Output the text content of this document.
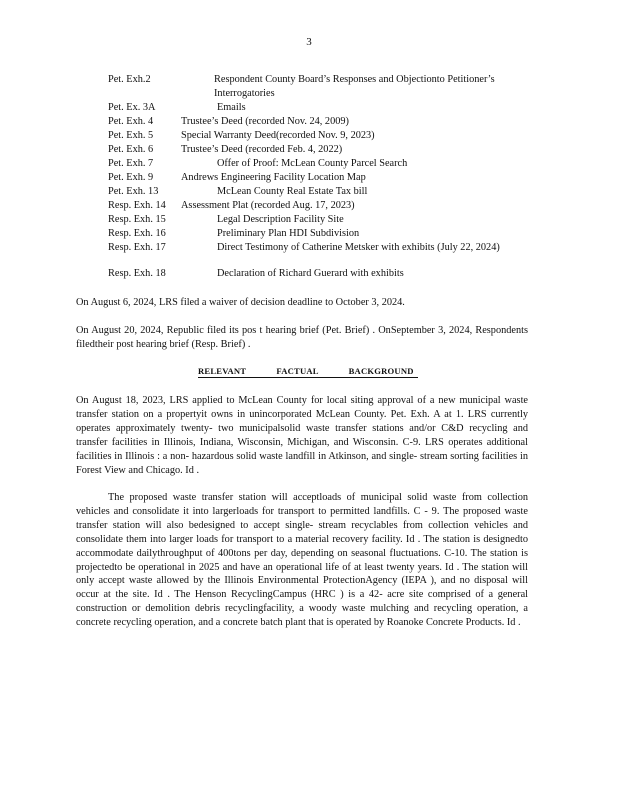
3
Pet. Exh.2	Respondent County Board’s Responses and Objectionto Petitioner’s Interrogatories
Pet. Ex. 3A	Emails
Pet. Exh. 4	Trustee’s Deed (recorded Nov. 24, 2009)
Pet. Exh. 5	Special Warranty Deed(recorded Nov. 9, 2023)
Pet. Exh. 6	Trustee’s Deed (recorded Feb. 4, 2022)
Pet. Exh. 7	Offer of Proof: McLean County Parcel Search
Pet. Exh. 9	Andrews Engineering Facility Location Map
Pet. Exh. 13	McLean County Real Estate Tax bill
Resp. Exh. 14 Assessment Plat (recorded Aug. 17, 2023)
Resp. Exh. 15	Legal Description Facility Site
Resp. Exh. 16	Preliminary Plan HDI Subdivision
Resp. Exh. 17	Direct Testimony of Catherine Metsker with exhibits (July 22, 2024)
Resp. Exh. 18	Declaration of Richard Guerard with exhibits
On August 6, 2024, LRS filed a waiver of decision deadline to October 3, 2024.
On August 20, 2024, Republic filed its pos t hearing brief (Pet. Brief) . OnSeptember 3, 2024, Respondents filedtheir post hearing brief (Resp. Brief) .
RELEVANT FACTUAL BACKGROUND
On August 18, 2023, LRS applied to McLean County for local siting approval of a new municipal waste transfer station on a propertyit owns in unincorporated McLean County. Pet. Exh. A at 1. LRS currently operates approximately twenty- two municipalsolid waste transfer stations and/or C&D recycling and transfer facilities in Illinois, Indiana, Wisconsin, Michigan, and Wisconsin. C-9. LRS operates additional facilities in Illinois : a non- hazardous solid waste landfill in Atkinson, and single- stream sorting facilities in Forest View and Chicago. Id .
The proposed waste transfer station will acceptloads of municipal solid waste from collection vehicles and consolidate it into largerloads for transport to permitted landfills. C - 9. The proposed waste transfer station will also bedesigned to accept single- stream recyclables from collection vehicles and consolidate them into larger loads for transport to a material recovery facility. Id . The station is designedto accommodate dailythroughput of 400tons per day, depending on seasonal fluctuations. C-10. The station is projectedto be operational in 2025 and have an operational life of at least twenty years. Id . The station will only accept waste allowed by the Illinois Environmental ProtectionAgency (IEPA ), and no disposal will occur at the site. Id . The Henson RecyclingCampus (HRC ) is a 42- acre site comprised of a general construction or demolition debris recyclingfacility, a woody waste mulching and recycling operation, a concrete recycling operation, and a concrete batch plant that is operated by Roanoke Concrete Products. Id .
